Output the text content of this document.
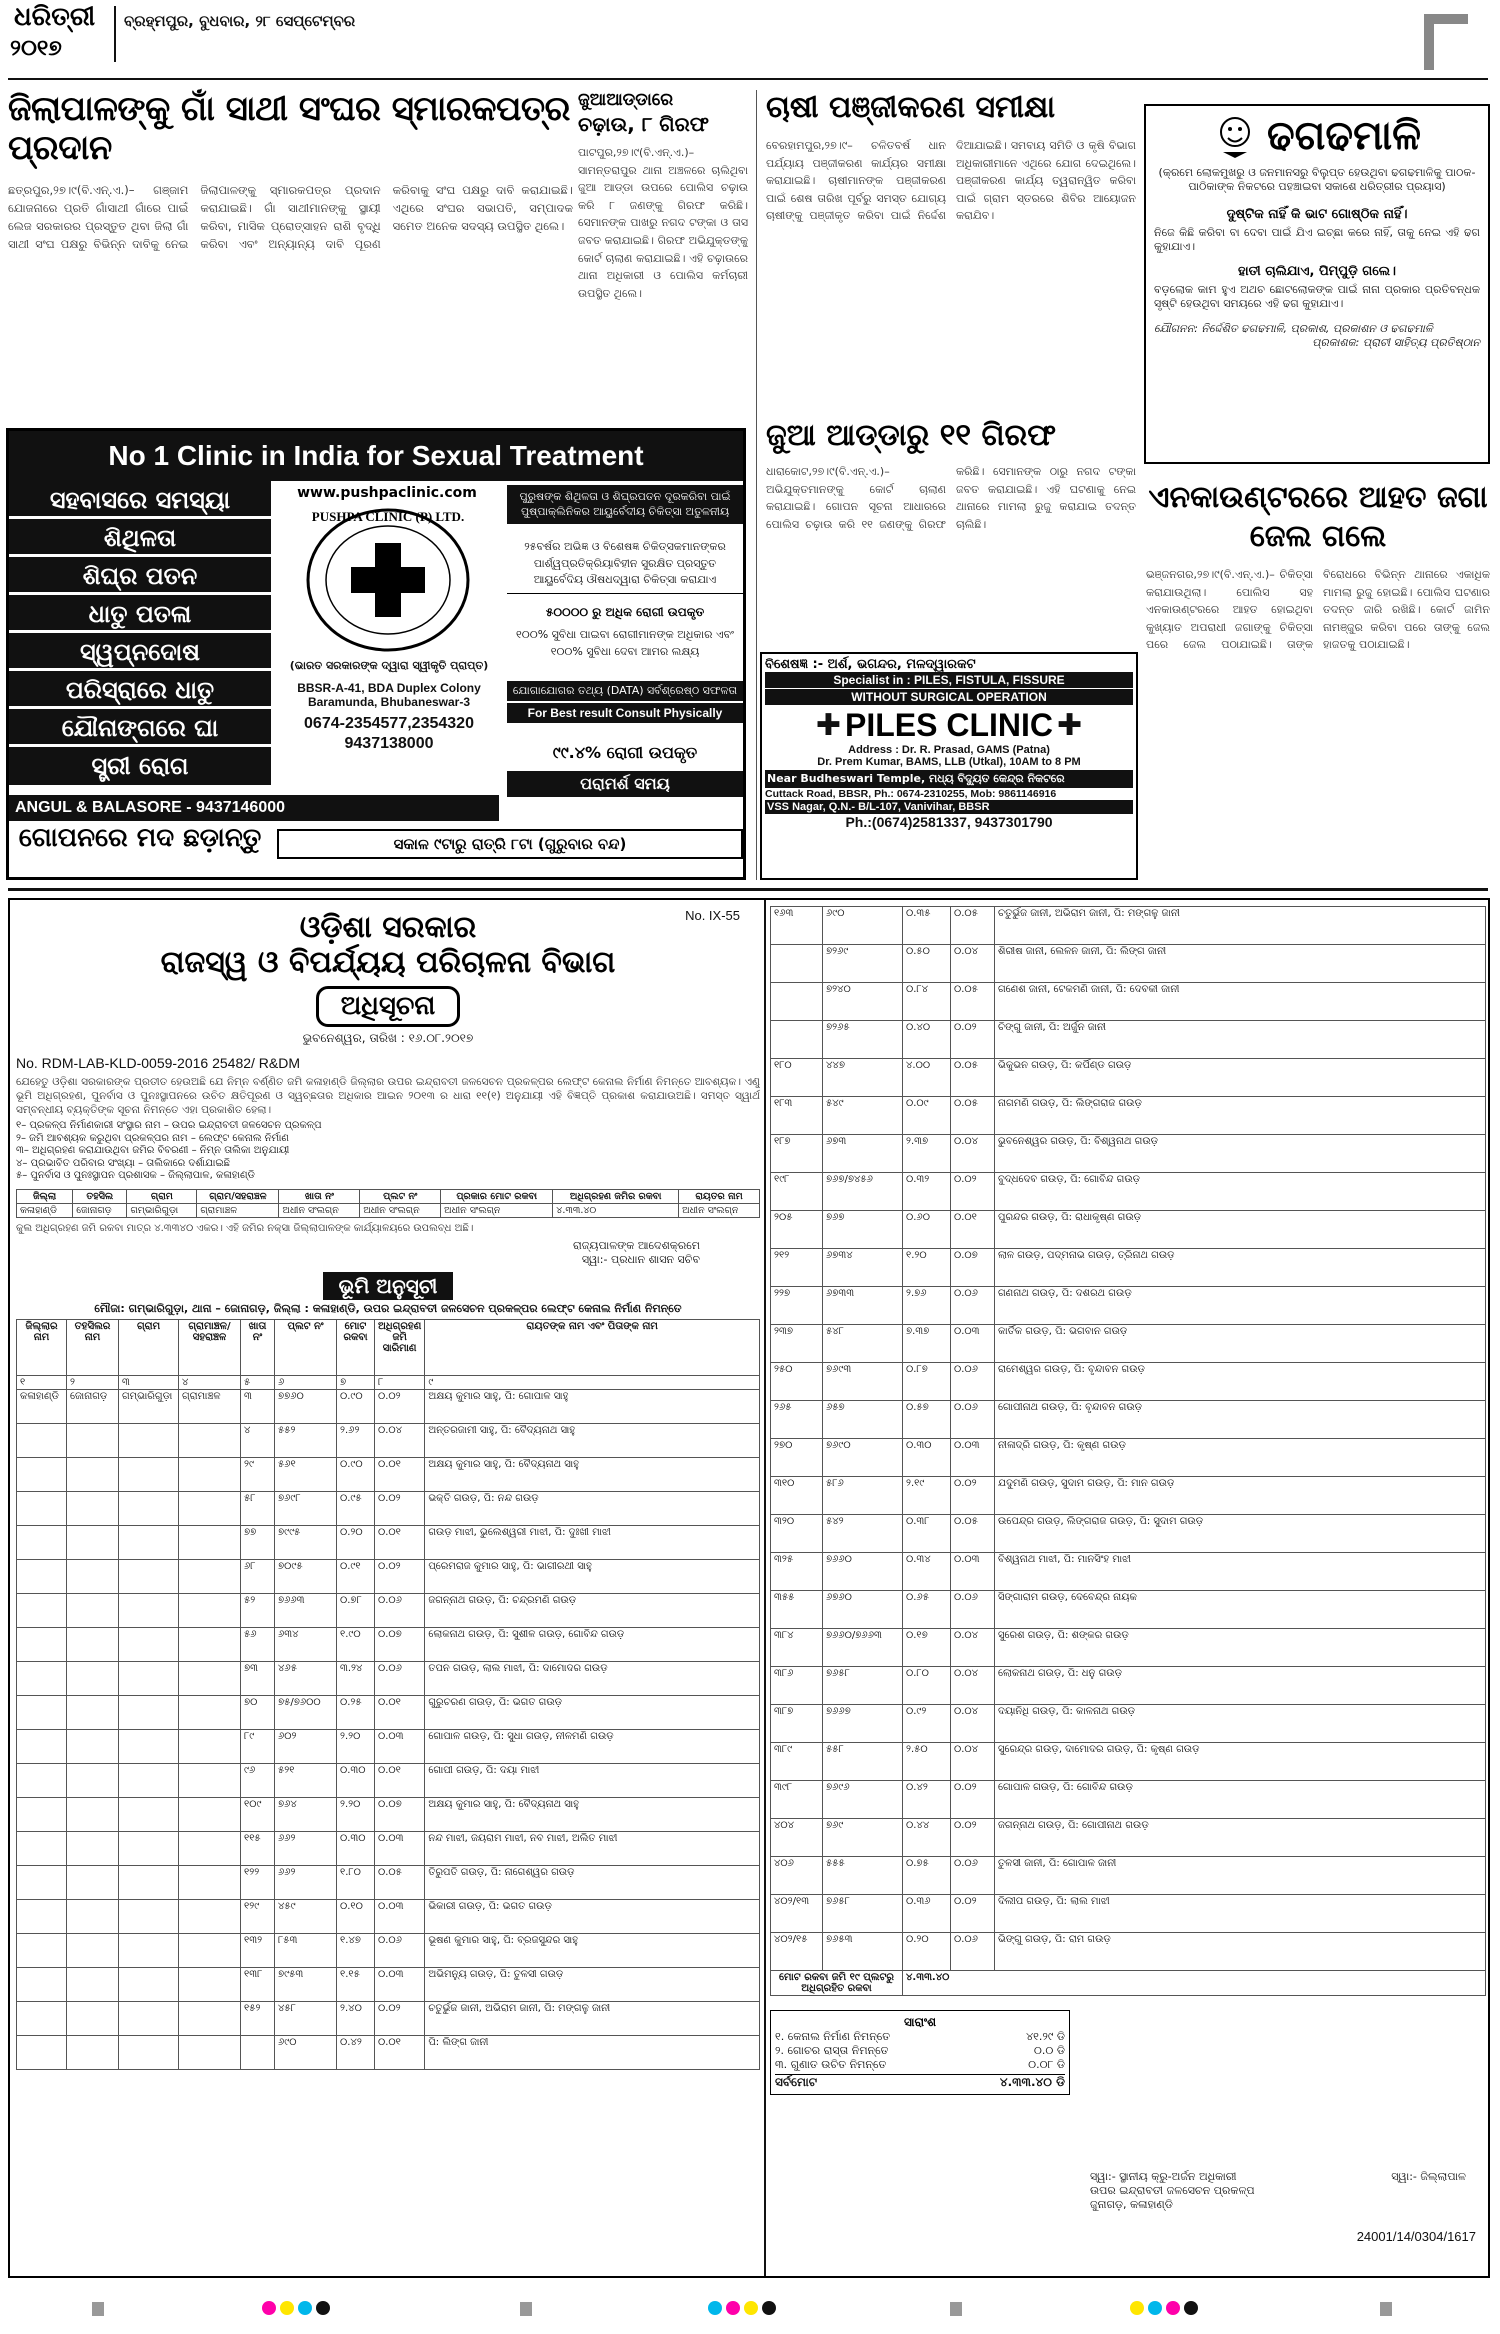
ଧରିତ୍ରୀ
୨୦୧୭
ବ୍ରହ୍ମପୁର, ବୁଧବାର, ୨୮ ସେପ୍ଟେମ୍ବର
ଜିଲାପାଳଙ୍କୁ ଗାଁ ସାଥୀ ସଂଘର ସ୍ମାରକପତ୍ର ପ୍ରଦାନ
ଛତ୍ରପୁର,୨୭।୯(ବି.ଏନ୍.ଏ.)– ଗଞ୍ଜାମ ଯୋଜନାରେ ପ୍ରତି ଗାଁସାଥୀ ଗାଁରେ ପାଇଁ ଲେଜ ସରକାରର ପ୍ରସ୍ତୁତ ଥିବା ଜିଲା ଗାଁ ସାଥୀ ସଂଘ ପକ୍ଷରୁ ବିଭିନ୍ନ ଦାବିକୁ ନେଇ ଜିଲାପାଳଙ୍କୁ ସ୍ମାରକପତ୍ର ପ୍ରଦାନ କରାଯାଇଛି। ଗାଁ ସାଥୀମାନଙ୍କୁ ସ୍ଥାୟୀ କରିବା, ମାସିକ ପ୍ରୋତ୍ସାହନ ରାଶି ବୃଦ୍ଧି କରିବା ଏବଂ ଅନ୍ୟାନ୍ୟ ଦାବି ପୂରଣ କରିବାକୁ ସଂଘ ପକ୍ଷରୁ ଦାବି କରାଯାଇଛି। ଏଥିରେ ସଂଘର ସଭାପତି, ସମ୍ପାଦକ ସମେତ ଅନେକ ସଦସ୍ୟ ଉପସ୍ଥିତ ଥିଲେ।
ଜୁଆଆଡ୍ଡାରେ
ଚଢ଼ାଉ, ୮ ଗିରଫ
ପାଟପୁର,୨୭।୯(ବି.ଏନ୍.ଏ.)– ସାମନ୍ତରାପୁର ଥାନା ଅଞ୍ଚଳରେ ଚାଲିଥିବା ଜୁଆ ଆଡ୍ଡା ଉପରେ ପୋଲିସ ଚଢ଼ାଉ କରି ୮ ଜଣଙ୍କୁ ଗିରଫ କରିଛି। ସେମାନଙ୍କ ପାଖରୁ ନଗଦ ଟଙ୍କା ଓ ତାସ ଜବତ କରାଯାଇଛି। ଗିରଫ ଅଭିଯୁକ୍ତଙ୍କୁ କୋର୍ଟ ଚାଲାଣ କରାଯାଇଛି। ଏହି ଚଢ଼ାଉରେ ଥାନା ଅଧିକାରୀ ଓ ପୋଲିସ କର୍ମଚାରୀ ଉପସ୍ଥିତ ଥିଲେ।
ଚାଷୀ ପଞ୍ଜୀକରଣ ସମୀକ୍ଷା
ବେରହାମପୁର,୨୭।୯– ଚଳିତବର୍ଷ ଧାନ ପର୍ଯ୍ୟାୟ ପଞ୍ଜୀକରଣ କାର୍ଯ୍ୟର ସମୀକ୍ଷା କରାଯାଇଛି। ଚାଷୀମାନଙ୍କ ପଞ୍ଜୀକରଣ ପାଇଁ ଶେଷ ତାରିଖ ପୂର୍ବରୁ ସମସ୍ତ ଯୋଗ୍ୟ ଚାଷୀଙ୍କୁ ପଞ୍ଜୀକୃତ କରିବା ପାଇଁ ନିର୍ଦ୍ଦେଶ ଦିଆଯାଇଛି। ସମବାୟ ସମିତି ଓ କୃଷି ବିଭାଗ ଅଧିକାରୀମାନେ ଏଥିରେ ଯୋଗ ଦେଇଥିଲେ। ପଞ୍ଜୀକରଣ କାର୍ଯ୍ୟ ତ୍ୱରାନ୍ୱିତ କରିବା ପାଇଁ ଗ୍ରାମ ସ୍ତରରେ ଶିବିର ଆୟୋଜନ କରାଯିବ।
ଢଗଢମାଳି
(କ୍ରମେ ଲୋକମୁଖରୁ ଓ ଜନମାନସରୁ ବିଲୁପ୍ତ ହେଉଥିବା ଢଗଢମାଳିକୁ ପାଠକ-ପାଠିକାଙ୍କ ନିକଟରେ ପହଞ୍ଚାଇବା ସକାଶେ ଧରିତ୍ରୀର ପ୍ରୟାସ)
ଦୁଷ୍ଟିକ ନାହିଁ କି ଭାଟ ଗୋଷ୍ଠିକ ନାହିଁ।
ନିଜେ କିଛି କରିବା ବା ଦେବା ପାଇଁ ଯିଏ ଇଚ୍ଛା କରେ ନାହିଁ, ତାକୁ ନେଇ ଏହି ଢଗ କୁହାଯାଏ।
ହାତୀ ଚାଲିଯାଏ, ପିମ୍ପୁଡ଼ି ଗଲେ।
ବଡ଼ଲୋକ କାମ ହୁଏ ଅଥଚ ଛୋଟଲୋକଙ୍କ ପାଇଁ ନାନା ପ୍ରକାର ପ୍ରତିବନ୍ଧକ ସୃଷ୍ଟି ହେଉଥିବା ସମୟରେ ଏହି ଢଗ କୁହାଯାଏ।
ଯୌଗନନ: ନିର୍ଦ୍ଦେଶିତ ଢଗଢମାଳି, ପ୍ରକାଶ, ପ୍ରକାଶନ ଓ ଢଗଢମାଳି
ପ୍ରକାଶକ: ପ୍ରାଚୀ ସାହିତ୍ୟ ପ୍ରତିଷ୍ଠାନ
No 1 Clinic in India for Sexual Treatment
ସହବାସରେ ସମସ୍ୟା
ଶିଥିଳତା
ଶିଘ୍ର ପତନ
ଧାତୁ ପତଳା
ସ୍ୱପ୍ନଦୋଷ
ପରିସ୍ରାରେ ଧାତୁ
ଯୌନାଙ୍ଗରେ ଘା
ସ୍ତ୍ରୀ ରୋଗ
www.pushpaclinic.com
PUSHPA CLINIC (P) LTD.
(ଭାରତ ସରକାରଙ୍କ ଦ୍ୱାରା ସ୍ୱୀକୃତି ପ୍ରାପ୍ତ)
BBSR-A-41, BDA Duplex Colony Baramunda, Bhubaneswar-3
0674-2354577,2354320
9437138000
ପୁରୁଷଙ୍କ ଶିଥିଳତା ଓ ଶିଘ୍ରପତନ ଦୂରକରିବା ପାଇଁ ପୁଷ୍ପାକ୍ଲିନିକର ଆୟୁର୍ବେଦୀୟ ଚିକିତ୍ସା ଅତୁଳନୀୟ
୨୫ବର୍ଷର ଅଭିଜ୍ଞ ଓ ବିଶେଷଜ୍ଞ ଚିକିତ୍ସକମାନଙ୍କର ପାର୍ଶ୍ୱପ୍ରତିକ୍ରିୟାବିହୀନ ସୁରକ୍ଷିତ ପ୍ରସ୍ତୁତ ଆୟୁର୍ବେଦିୟ ଔଷଧଦ୍ୱାରା ଚିକିତ୍ସା କରାଯାଏ
୫୦୦୦୦ ରୁ ଅଧିକ ରୋଗୀ ଉପକୃତ
୧୦୦% ସୁବିଧା ପାଇବା ରୋଗୀମାନଙ୍କ ଅଧିକାର ଏବଂ ୧୦୦% ସୁବିଧା ଦେବା ଆମର ଲକ୍ଷ୍ୟ
ଯୋଗାଯୋଗର ତଥ୍ୟ (DATA) ସର୍ବଶ୍ରେଷ୍ଠ ସଫଳତା
For Best result Consult Physically
୯୯.୪% ରୋଗୀ ଉପକୃତ
ANGUL & BALASORE - 9437146000
ଗୋପନରେ ମଦ ଛଡ଼ାନ୍ତୁ
ପରାମର୍ଶ ସମୟ
ସକାଳ ୯ଟାରୁ ରାତ୍ରି ୮ଟା (ଗୁରୁବାର ବନ୍ଦ)
ଜୁଆ ଆଡ୍ଡାରୁ ୧୧ ଗିରଫ
ଧାରାକୋଟ,୨୭।୯(ବି.ଏନ୍.ଏ.)– ଅଭିଯୁକ୍ତମାନଙ୍କୁ କୋର୍ଟ ଚାଲାଣ କରାଯାଇଛି। ଗୋପନ ସୂଚନା ଆଧାରରେ ପୋଲିସ ଚଢ଼ାଉ କରି ୧୧ ଜଣଙ୍କୁ ଗିରଫ କରିଛି। ସେମାନଙ୍କ ଠାରୁ ନଗଦ ଟଙ୍କା ଜବତ କରାଯାଇଛି। ଏହି ଘଟଣାକୁ ନେଇ ଥାନାରେ ମାମଲା ରୁଜୁ କରାଯାଇ ତଦନ୍ତ ଚାଲିଛି।
ବିଶେଷଜ୍ଞ :- ଅର୍ଶ, ଭଗନ୍ଦର, ମଳଦ୍ୱାରକଟ
Specialist in : PILES, FISTULA, FISSURE
WITHOUT SURGICAL OPERATION
✚ PILES CLINIC ✚
Address : Dr. R. Prasad, GAMS (Patna)
Dr. Prem Kumar, BAMS, LLB (Utkal), 10AM to 8 PM
Near Budheswari Temple, ମଧ୍ୟ ବିଦ୍ୟୁତ କେନ୍ଦ୍ର ନିକଟରେ
Cuttack Road, BBSR, Ph.: 0674-2310255, Mob: 9861146916
VSS Nagar, Q.N.- B/L-107, Vanivihar, BBSR
Ph.:(0674)2581337, 9437301790
ଏନକାଉଣ୍ଟରରେ ଆହତ ଜଗା ଜେଲ ଗଲେ
ଭଞ୍ଜନଗର,୨୭।୯(ବି.ଏନ୍.ଏ.)– ଚିକିତ୍ସା କରାଯାଉଥିଲା। ପୋଲିସ ସହ ଏନକାଉଣ୍ଟରରେ ଆହତ ହୋଇଥିବା କୁଖ୍ୟାତ ଅପରାଧୀ ଜଗାଙ୍କୁ ଚିକିତ୍ସା ପରେ ଜେଲ ପଠାଯାଇଛି। ତାଙ୍କ ବିରୋଧରେ ବିଭିନ୍ନ ଥାନାରେ ଏକାଧିକ ମାମଲା ରୁଜୁ ହୋଇଛି। ପୋଲିସ ଘଟଣାର ତଦନ୍ତ ଜାରି ରଖିଛି। କୋର୍ଟ ଜାମିନ ନାମଞ୍ଜୁର କରିବା ପରେ ତାଙ୍କୁ ଜେଲ ହାଜତକୁ ପଠାଯାଇଛି।
No. IX-55
ଓଡ଼ିଶା ସରକାର
ରାଜସ୍ୱ ଓ ବିପର୍ଯ୍ୟୟ ପରିଚାଳନା ବିଭାଗ
ଅଧିସୂଚନା
ଭୁବନେଶ୍ୱର, ତାରିଖ : ୧୬.୦୮.୨୦୧୭
No. RDM-LAB-KLD-0059-2016 25482/ R&DM
ଯେହେତୁ ଓଡ଼ିଶା ସରକାରଙ୍କ ପ୍ରତୀତ ହେଉଅଛି ଯେ ନିମ୍ନ ବର୍ଣ୍ଣିତ ଜମି କଳାହାଣ୍ଡି ଜିଲ୍ଲାର ଉପର ଇନ୍ଦ୍ରାବତୀ ଜଳସେଚନ ପ୍ରକଳ୍ପର ଲେଫ୍ଟ କେନାଲ ନିର୍ମାଣ ନିମନ୍ତେ ଆବଶ୍ୟକ। ଏଣୁ ଭୂମି ଅଧିଗ୍ରହଣ, ପୁନର୍ବାସ ଓ ପୁନଃସ୍ଥାପନରେ ଉଚିତ କ୍ଷତିପୂରଣ ଓ ସ୍ୱଚ୍ଛତାର ଅଧିକାର ଆଇନ ୨୦୧୩ ର ଧାରା ୧୧(୧) ଅନୁଯାୟୀ ଏହି ବିଜ୍ଞପ୍ତି ପ୍ରକାଶ କରାଯାଉଅଛି। ସମସ୍ତ ସ୍ୱାର୍ଥ ସମ୍ବନ୍ଧୀୟ ବ୍ୟକ୍ତିଙ୍କ ସୂଚନା ନିମନ୍ତେ ଏହା ପ୍ରକାଶିତ ହେଲା।
୧– ପ୍ରକଳ୍ପ ନିର୍ମାଣକାରୀ ସଂସ୍ଥାର ନାମ – ଉପର ଇନ୍ଦ୍ରାବତୀ ଜଳସେଚନ ପ୍ରକଳ୍ପ
୨– ଜମି ଆବଶ୍ୟକ କରୁଥିବା ପ୍ରକଳ୍ପର ନାମ – ଲେଫ୍ଟ କେନାଲ ନିର୍ମାଣ
୩– ଅଧିଗ୍ରହଣ କରାଯାଉଥିବା ଜମିର ବିବରଣୀ – ନିମ୍ନ ତାଲିକା ଅନୁଯାୟୀ
୪– ପ୍ରଭାବିତ ପରିବାର ସଂଖ୍ୟା – ତାଲିକାରେ ଦର୍ଶାଯାଇଛି
୫– ପୁନର୍ବାସ ଓ ପୁନଃସ୍ଥାପନ ପ୍ରଶାସକ – ଜିଲ୍ଲାପାଳ, କଳାହାଣ୍ଡି
ଜିଲ୍ଲା	ତହସିଲ	ଗ୍ରାମ	ଗ୍ରାମ/ସହରାଞ୍ଚଳ	ଖାତା ନଂ	ପ୍ଲଟ ନଂ	ପ୍ରକାର ମୋଟ ରକବା	ଅଧିଗ୍ରହଣ ଜମିର ରକବା	ରାୟତର ନାମ
କଳାହାଣ୍ଡି	ଜୋନାଗଡ଼	ଗମ୍ଭାରିଗୁଡ଼ା	ଗ୍ରାମାଞ୍ଚଳ	ଅଧୀନ ସଂଲଗ୍ନ	ଅଧୀନ ସଂଲଗ୍ନ	ଅଧୀନ ସଂଲଗ୍ନ	୪.୩୩.୪୦	ଅଧୀନ ସଂଲଗ୍ନ
କୁଲ ଅଧିଗ୍ରହଣ ଜମି ରକବା ମାତ୍ର ୪.୩୩୪୦ ଏକର। ଏହି ଜମିର ନକ୍ସା ଜିଲ୍ଲାପାଳଙ୍କ କାର୍ଯ୍ୟାଳୟରେ ଉପଲବ୍ଧ ଅଛି।
ରାଜ୍ୟପାଳଙ୍କ ଆଦେଶକ୍ରମେ
ସ୍ୱା:- ପ୍ରଧାନ ଶାସନ ସଚିବ
ଭୂମି ଅନୁସୂଚୀ
ମୌଜା: ଗମ୍ଭାରିଗୁଡ଼ା, ଥାନା – ଜୋନାଗଡ଼, ଜିଲ୍ଲା : କଳାହାଣ୍ଡି, ଉପର ଇନ୍ଦ୍ରାବତୀ ଜଳସେଚନ ପ୍ରକଳ୍ପର ଲେଫ୍ଟ କେନାଲ ନିର୍ମାଣ ନିମନ୍ତେ
ଜିଲ୍ଲାର ନାମ	ତହସିଲର ନାମ	ଗ୍ରାମ	ଗ୍ରାମାଞ୍ଚଳ/ସହରାଞ୍ଚଳ	ଖାତା ନଂ	ପ୍ଲଟ ନଂ	ମୋଟ ରକବା	ଅଧିଗ୍ରହଣ ଜମି ସାରିମାଣ	ରାୟତଙ୍କ ନାମ ଏବଂ ପିତାଙ୍କ ନାମ
୧	୨	୩	୪	୫	୬	୭	୮	୯
କଳାହାଣ୍ଡି	ଜୋନାଗଡ଼	ଗମ୍ଭାରିଗୁଡ଼ା	ଗ୍ରାମାଞ୍ଚଳ	୩	୭୭୬୦	୦.୯୦	୦.୦୨	ଅକ୍ଷୟ କୁମାର ସାହୁ, ପି: ଗୋପାଳ ସାହୁ
				୪	୫୫୨	୨.୬୨	୦.୦୪	ଅନ୍ତରଜାମୀ ସାହୁ, ପି: ବୈଦ୍ୟନାଥ ସାହୁ
				୨୯	୫୬୧	୦.୯୦	୦.୦୧	ଅକ୍ଷୟ କୁମାର ସାହୁ, ପି: ବୈଦ୍ୟନାଥ ସାହୁ
				୫୮	୭୬୯୮	୦.୯୫	୦.୦୨	ଭକ୍ତି ଗଉଡ଼, ପି: ନନ୍ଦ ଗଉଡ଼
				୭୭	୭୯୯୫	୦.୨୦	୦.୦୧	ଗଉଡ଼ ମାଝୀ, ଭୁଲେଶ୍ୱରୀ ମାଝୀ, ପି: ଦୁଃଖୀ ମାଝୀ
				୬୮	୭୦୯୫	୦.୯୧	୦.୦୨	ପ୍ରେମରାଜ କୁମାର ସାହୁ, ପି: ଭାଗୀରଥୀ ସାହୁ
				୫୨	୭୬୬୩	୦.୭୮	୦.୦୬	ଜଗନ୍ନାଥ ଗଉଡ଼, ପି: ଚନ୍ଦ୍ରମଣି ଗଉଡ଼
				୫୬	୬୩୪	୧.୯୦	୦.୦୭	ଲୋକନାଥ ଗଉଡ଼, ପି: ସୁଶୀଳ ଗଉଡ଼, ଗୋବିନ୍ଦ ଗଉଡ଼
				୭୩	୪୬୫	୩.୨୪	୦.୦୬	ତପନ ଗଉଡ଼, ଲାଲ ମାଝୀ, ପି: ଦାମୋଦର ଗଉଡ଼
				୭୦	୭୫/୭୬୦୦	୦.୨୫	୦.୦୧	ଗୁରୁଚରଣ ଗଉଡ଼, ପି: ଭଗତ ଗଉଡ଼
				୮୯	୬୦୨	୨.୨୦	୦.୦୩	ଗୋପାଳ ଗଉଡ଼, ପି: ସୁଧା ଗଉଡ଼, ନୀଳମଣି ଗଉଡ଼
				୯୬	୫୨୧	୦.୩୦	୦.୦୧	ଗୋପୀ ଗଉଡ଼, ପି: ଦୟା ମାଝୀ
				୧୦୯	୭୬୪	୨.୨୦	୦.୦୭	ଅକ୍ଷୟ କୁମାର ସାହୁ, ପି: ବୈଦ୍ୟନାଥ ସାହୁ
				୧୧୫	୬୬୨	୦.୩୦	୦.୦୩	ନନ୍ଦ ମାଝୀ, ଜୟରାମ ମାଝୀ, ନବ ମାଝୀ, ଅଲିତ ମାଝୀ
				୧୨୨	୬୬୨	୧.୮୦	୦.୦୫	ତିରୁପତି ଗଉଡ଼, ପି: ନାଗେଶ୍ୱର ଗଉଡ଼
				୧୨୯	୪୫୯	୦.୧୦	୦.୦୩	ଭିକାରୀ ଗଉଡ଼, ପି: ଭଗତ ଗଉଡ଼
				୧୩୨	୮୫୩	୧.୪୭	୦.୦୬	ଭୂଷଣ କୁମାର ସାହୁ, ପି: ବ୍ରଜସୁନ୍ଦର ସାହୁ
				୧୩୮	୭୯୫୩	୧.୧୫	୦.୦୩	ଅଭିମନ୍ୟୁ ଗଉଡ଼, ପି: ତୁଳସୀ ଗଉଡ଼
				୧୫୨	୪୫୮	୨.୪୦	୦.୦୨	ଚତୁର୍ଭୁଜ ଜାନୀ, ଅଭିରାମ ଜାନୀ, ପି: ମଙ୍ଗଳୁ ଜାନୀ
					୬୯୦	୦.୪୨	୦.୦୧	ପି: ଲିଙ୍ଗ ଜାନୀ
୧୬୩	୬୯୦	୦.୩୫	୦.୦୫	ଚତୁର୍ଭୁଜ ଜାନୀ, ଅଭିରାମ ଜାନୀ, ପି: ମଙ୍ଗଳୁ ଜାନୀ
	୭୨୬୯	୦.୫୦	୦.୦୪	ଶିରୀଷ ଜାନୀ, ଲେଳନ ଜାନୀ, ପି: ଲିଙ୍ଗ ଜାନୀ
	୭୨୪୦	୦.୮୪	୦.୦୫	ଗଣେଶ ଜାନୀ, ଟେକମଣି ଜାନୀ, ପି: ଦେବକୀ ଜାନୀ
	୭୨୬୫	୦.୪୦	୦.୦୨	ଚିଙ୍ଗୁ ଜାନୀ, ପି: ଅର୍ଜୁନ ଜାନୀ
୧୮୦	୪୪୭	୪.୦୦	୦.୦୫	ଭିକୁଭନ ଗଉଡ଼, ପି: କର୍ପିଣ୍ଡ ଗଉଡ଼
୧୮୩	୫୪୯	୦.୦୯	୦.୦୫	ନାଗମଣି ଗଉଡ଼, ପି: ଲିଙ୍ଗରାଜ ଗଉଡ଼
୧୮୭	୬୭୩	୨.୩୭	୦.୦୪	ଭୁବନେଶ୍ୱର ଗଉଡ଼, ପି: ବିଶ୍ୱନାଥ ଗଉଡ଼
୧୯୮	୭୬୭/୭୪୫୬	୦.୩୨	୦.୦୨	ବୁଦ୍ଧଦେବ ଗଉଡ଼, ପି: ଗୋବିନ୍ଦ ଗଉଡ଼
୨୦୫	୭୬୭	୦.୬୦	୦.୦୧	ପୁରନ୍ଦର ଗଉଡ଼, ପି: ରାଧାକୃଷ୍ଣ ଗଉଡ଼
୨୧୨	୬୭୩୪	୧.୨୦	୦.୦୭	ଲାଳ ଗଉଡ଼, ପଦ୍ମନାଭ ଗଉଡ଼, ତ୍ରିନାଥ ଗଉଡ଼
୨୨୭	୬୭୩୩	୨.୭୬	୦.୦୬	ଗଣନାଥ ଗଉଡ଼, ପି: ଦଶରଥ ଗଉଡ଼
୨୩୭	୫୪୮	୭.୩୭	୦.୦୩	କାର୍ତିକ ଗଉଡ଼, ପି: ଭଗବାନ ଗଉଡ଼
୨୫୦	୭୬୯୩	୦.୮୭	୦.୦୬	ରାମେଶ୍ୱର ଗଉଡ଼, ପି: ବୃନ୍ଦାବନ ଗଉଡ଼
୨୬୫	୬୫୭	୦.୫୭	୦.୦୬	ଗୋପୀନାଥ ଗଉଡ଼, ପି: ବୃନ୍ଦାବନ ଗଉଡ଼
୨୭୦	୭୬୯୦	୦.୩୦	୦.୦୩	ନୀଳାଦ୍ରି ଗଉଡ଼, ପି: କୃଷ୍ଣ ଗଉଡ଼
୩୧୦	୫୮୬	୨.୧୯	୦.୦୨	ଯଦୁମଣି ଗଉଡ଼, ସୁଦାମ ଗଉଡ଼, ପି: ମାନ ଗଉଡ଼
୩୨୦	୫୪୨	୦.୩୮	୦.୦୫	ଉପେନ୍ଦ୍ର ଗଉଡ଼, ଲିଙ୍ଗରାଜ ଗଉଡ଼, ପି: ସୁଦାମ ଗଉଡ଼
୩୨୫	୭୬୬୦	୦.୩୪	୦.୦୩	ବିଶ୍ୱନାଥ ମାଝୀ, ପି: ମାନସିଂହ ମାଝୀ
୩୫୫	୬୭୬୦	୦.୬୫	୦.୦୬	ସିଙ୍ଗାରାମ ଗଉଡ଼, ଦେବେନ୍ଦ୍ର ନାୟକ
୩୮୪	୭୬୬୦/୭୬୬୩	୦.୧୭	୦.୦୪	ସୁରେଶ ଗଉଡ଼, ପି: ଶଙ୍କର ଗଉଡ଼
୩୮୬	୭୬୫୮	୦.୮୦	୦.୦୪	ଲୋକନାଥ ଗଉଡ଼, ପି: ଧନୁ ଗଉଡ଼
୩୮୭	୭୬୬୭	୦.୯୨	୦.୦୪	ଦୟାନିଧି ଗଉଡ଼, ପି: କାଳନାଥ ଗଉଡ଼
୩୮୯	୫୫୮	୨.୫୦	୦.୦୪	ସୁରେନ୍ଦ୍ର ଗଉଡ଼, ଦାମୋଦର ଗଉଡ଼, ପି: କୃଷ୍ଣ ଗଉଡ଼
୩୯୮	୭୬୯୬	୦.୪୨	୦.୦୨	ଗୋପାଳ ଗଉଡ଼, ପି: ଗୋବିନ୍ଦ ଗଉଡ଼
୪୦୪	୭୬୯	୦.୪୪	୦.୦୨	ଜଗନ୍ନାଥ ଗଉଡ଼, ପି: ଗୋପୀନାଥ ଗଉଡ଼
୪୦୬	୫୫୫	୦.୭୫	୦.୦୬	ତୁଳସୀ ଜାନୀ, ପି: ଗୋପାଳ ଜାନୀ
୪୦୨/୧୩	୭୬୫୮	୦.୩୬	୦.୦୨	ଦିଲୀପ ଗଉଡ଼, ପି: ଲାଲ ମାଝୀ
୪୦୨/୧୫	୭୬୫୩	୦.୨୦	୦.୦୬	ଭିଙ୍ଗୁ ଗଉଡ଼, ପି: ରାମ ଗଉଡ଼
ମୋଟ ରକବା ଜମି ୧୯ ପ୍ଲଟରୁ ଅଧିଗ୍ରହିତ ରକବା		୪.୩୩.୪୦		
ସାରାଂଶ
୧. କେନାଲ ନିର୍ମାଣ ନିମନ୍ତେ	୪୧.୨୯ ଡି
୨. ଗୋଚର ରାସ୍ତା ନିମନ୍ତେ	୦.୦ ଡି
୩. ଗୁଣାତ ଉଚିତ ନିମନ୍ତେ	୦.୦୮ ଡି
ସର୍ବମୋଟ	୪.୩୩.୪୦ ଡି
ସ୍ୱା:- ସ୍ଥାନୀୟ କ୍ରୁ-ଅର୍ଜନ ଅଧିକାରୀ
ଉପର ଇନ୍ଦ୍ରାବତୀ ଜଳସେଚନ ପ୍ରକଳ୍ପ
ଜୁନାଗଡ଼, କଳାହାଣ୍ଡି
ସ୍ୱା:- ଜିଲ୍ଲାପାଳ
24001/14/0304/1617
